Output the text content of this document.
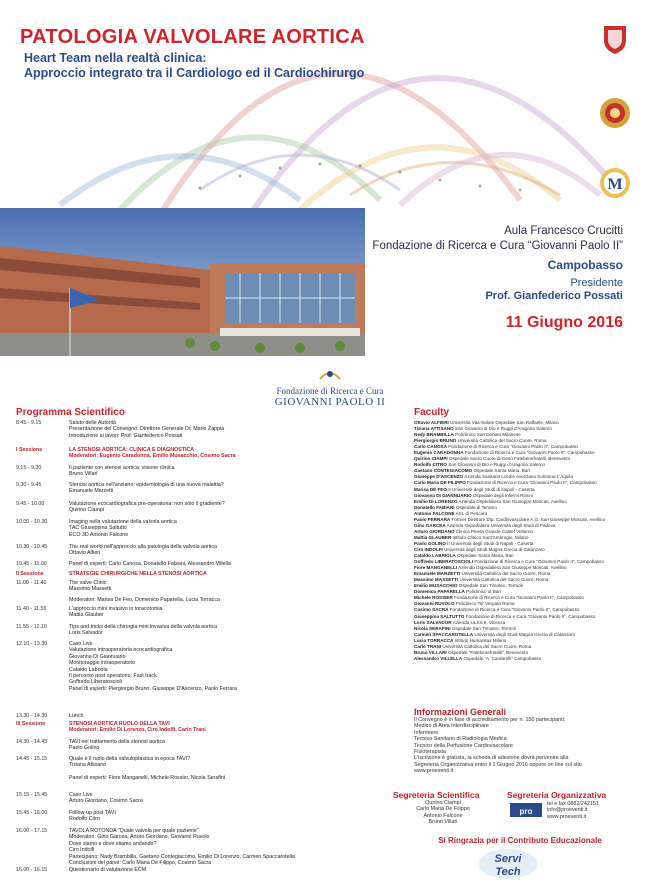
PATOLOGIA VALVOLARE AORTICA
Heart Team nella realtà clinica:
Approccio integrato tra il Cardiologo ed il Cardiochirurgo
M
Aula Francesco Crucitti
Fondazione di Ricerca e Cura “Giovanni Paolo II”
Campobasso
Presidente
Prof. Gianfederico Possati
11 Giugno 2016
Fondazione di Ricerca e Cura
GIOVANNI PAOLO II
Programma Scientifico	Faculty
8.45 - 9.15	Saluto delle Autorità
Presentazione del Convegno: Direttore Generale Dr. Mario Zappia
Introduzione ai lavori: Prof. Gianfederico Possati
I Sessione	LA STENOSI AORTICA: CLINICA E DIAGNOSTICA
Moderatori: Eugenio Caradonna, Emilio Musacchio, Cosimo Sacra
9.15 - 9.30	Il paziente con stenosi aortica: visione clinica
Bruno Villari
9.30 - 9.45	Stenosi aortica nell'anziano: epidemiologia di una nuova malattia?
Emanuele Marzetti
9.45 - 10.00	Valutazione ecocardiografica pre-operatoria: non solo il gradiente?
Quirino Ciampi
10.00 - 10.30	Imaging nella valutazione della valvola aortica
TAC Giuseppina Saltutto
ECO 3D Antonio Falcone
10.30 - 10.45	The real world nell'approccio alla patologia della valvola aortica
Ottavio Alfieri
10.45 - 11.00	Panel di esperti: Carlo Canosa, Donatello Fabiani, Alessandro Villella
II Sessione	STRATEGIE CHIRURGICHE NELLA STENOSI AORTICA
11.00 - 11.40	The valve Clinic
Massimo Massetti
Moderatori: Marisa De Feo, Domenico Paparella, Lucia Torracca
11.40 - 11.55	L'approccio mini invasivo in toracotomia
Mattia Glauber
11.55 - 12.10	Tips and tricks della chirurgia mini invasiva della valvola aortica
Loris Salvador
12.10 - 13.30	Caso Live
Valutazione intraoperatoria ecocardiografica
Giovanna Di Giannuario
Monitoraggio intraoperatorio
Cataldo Labriola
Il percorso post operatorio: Fast track
Goffredo Liberatoscioli
Panel di esperti: Piergiorgio Bruno, Giuseppe D'Ascenzo, Paolo Ferrara
13.30 - 14.30	Lunch
III Sessione	STENOSI AORTICA RUOLO DELLA TAVI
Moderatori: Emilio Di Lorenzo, Ciro Indolfi, Carlo Trani
14.30 - 14.45	TAVI nel trattamento della stenosi aortica
Paolo Golino
14.45 - 15.15	Quale è il ruolo della valvuloplastica in epoca TAVI?
Tiziana Attisano
Panel di esperti: Fiore Manganelli, Michele Rossier, Nicola Serafini
15.15 - 15.45	Caso Live
Arturo Giordano, Cosimo Sacra
15.45 - 16.00	Follow-up post TAVI
Rodolfo Citro
16.00 - 17.15	TAVOLA ROTONDA “Quale valvola per quale paziente”
Moderatori: Gino Garcea, Arturo Giordano, Giovanni Ruvolo
Dove siamo e dove stiamo andando?
Ciro Indolfi
Partecipano: Nady Brambilla, Gaetano Contegiacomo, Emilio Di Lorenzo, Carmen Spaccarotella
Conclusioni del panel: Carlo Maria De Filippo, Cosimo Sacra
16.00 - 16.15	Questionario di valutazione ECM
Ottavio ALFIERI Università Vita-Salute Ospedale San Raffaele, Milano
Tiziana ATTISANO San Giovanni di Dio e Ruggi d'Aragona Salerno
Nedy BRAMBILLA Policlinico San Donato Milanese
Piergiorgio BRUNO Università Cattolica del Sacro Cuore, Roma
Carlo CANOSA Fondazione di Ricerca e Cura “Giovanni Paolo II”, Campobasso
Eugenio CARADONNA Fondazione di Ricerca e Cura “Giovanni Paolo II”, Campobasso
Quirino CIAMPI Ospedale Sacro Cuore di Gesù Fatebenefratelli, Benevento
Rodolfo CITRO San Giovanni di Dio e Ruggi d'Aragona Salerno
Gaetano CONTEGIACOMO Ospedale Santa Maria, Bari
Giuseppe D'ASCENZO Azienda Sanitaria Locale Avezzano Sulmona L'Aquila
Carlo Maria DE FILIPPO Fondazione di Ricerca e Cura “Giovanni Paolo II”, Campobasso
Marisa DE FEO II Università degli Studi di Napoli - Caserta
Giovanna DI GIANNUARIO Ospedale degli Infermi Rimini
Emilio DI LORENZO Azienda Ospedaliera San Giuseppe Moscati, Avellino
Donatello FABIANI Ospedale di Teramo
Antonio FALCONE ASL di Pescara
Paolo FERRARA Former Direttore Dip. Cardiovascolare A.O. San Giuseppe Moscati, Avellino
Gino GARCEA Azienda Ospedaliera Università degli Studi di Padova
Arturo GIORDANO Clinica Pineta Grande Castel Volturno
Mattia GLAUBER Istituto Clinico Sant'Ambrogio, Milano
Paolo GOLINO II Università degli Studi di Napoli - Caserta
Ciro INDOLFI Università degli Studi Magna Grecia di Catanzaro
Cataldo LABRIOLA Ospedale Santa Maria, Bari
Goffredo LIBERATOSCIOLI Fondazione di Ricerca e Cura “Giovanni Paolo II”, Campobasso
Fiore MANGANELLI Azienda Ospedaliera San Giuseppe Moscati, Avellino
Emanuele MARZETTI Università Cattolica del Sacro Cuore, Roma
Massimo MASSETTI Università Cattolica del Sacro Cuore, Roma
Emilio MUSACCHIO Ospedale San Timoteo, Termoli
Domenico PAPARELLA Policlinico di Bari
Michele ROSSIER Fondazione di Ricerca e Cura “Giovanni Paolo II”, Campobasso
Giovanni RUVOLO Policlinico Tor Vergata Roma
Cosimo SACRA Fondazione di Ricerca e Cura “Giovanni Paolo II”, Campobasso
Giuseppina SALTUTTO Fondazione di Ricerca e Cura “Giovanni Paolo II”, Campobasso
Loris SALVADOR Azienda ULSS 6, Vicenza
Nicola SERAFINI Ospedale San Timoteo, Termoli
Carmen SPACCAROTELLA Università degli Studi Magna Grecia di Catanzaro
Lucia TORRACCA Istituto Humanitas Milano
Carlo TRANI Università Cattolica del Sacro Cuore, Roma
Bruno VILLARI Ospedale “Fatebenefratelli”, Benevento
Alessandro VILLELLA Ospedale “A. Cardarelli” Campobasso
Informazioni Generali
Il Convegno è in fase di accreditamento per n. 150 partecipanti:
Medico di Area Interdisciplinare
Infermiere
Tecnico Sanitario di Radiologia Medica
Tecnico della Perfusione Cardiovascolare
Fisioterapista
L'iscrizione è gratuita, la scheda di adesione dovrà pervenire alla
Segreteria Organizzativa entro il 1 Giugno 2016 oppure on line sul sito
www.proeventi.it
Segreteria Scientifica
Quirino Ciampi
Carlo Maria De Filippo
Antonio Falcone
Bruno Villari
Segreteria Organizzativa
pro
tel e fax 0882/242151
info@proeventi.it
www.proeventi.it
Si Ringrazia per il Contributo Educazionale
Servi
Tech
